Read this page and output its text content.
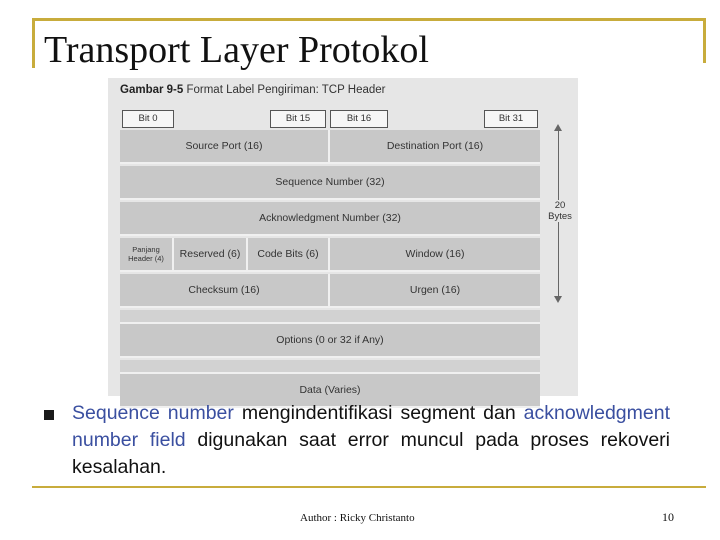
Transport Layer Protokol
Gambar 9-5 Format Label Pengiriman: TCP Header
Bit 0	Bit 15	Bit 16	Bit 31
Source Port (16)	Destination Port (16)
Sequence Number (32)
Acknowledgment Number (32)
Panjang
Header (4)	Reserved (6)	Code Bits (6)	Window (16)
Checksum (16)	Urgen (16)
Options (0 or 32 if Any)
Data (Varies)
20
Bytes
Sequence number mengindentifikasi segment dan acknowledgment number field digunakan saat error muncul pada proses rekoveri kesalahan.
Author : Ricky Christanto	10
